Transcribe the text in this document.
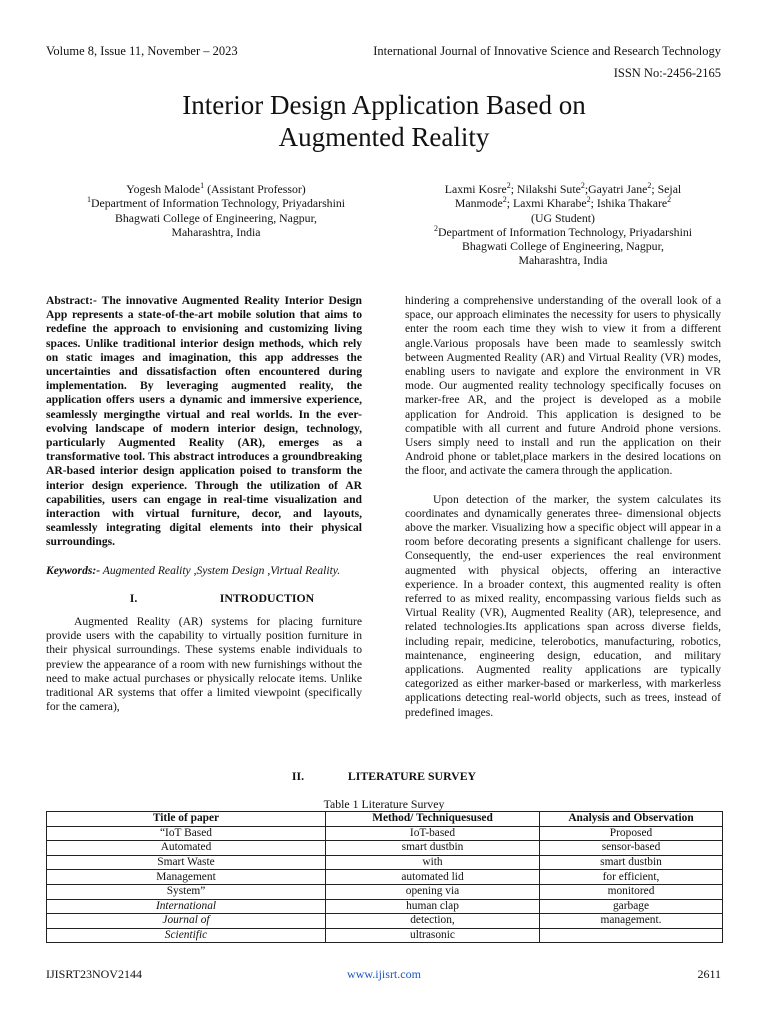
Volume 8, Issue 11, November – 2023	International Journal of Innovative Science and Research Technology
ISSN No:-2456-2165
Interior Design Application Based on
Augmented Reality
Yogesh Malode$^1$ (Assistant Professor)
$^1$Department of Information Technology, Priyadarshini
Bhagwati College of Engineering, Nagpur,
Maharashtra, India
Laxmi Kosre$^2$; Nilakshi Sute$^2$;Gayatri Jane$^2$; Sejal
Manmode$^2$; Laxmi Kharabe$^2$; Ishika Thakare$^2$
(UG Student)
$^2$Department of Information Technology, Priyadarshini
Bhagwati College of Engineering, Nagpur,
Maharashtra, India

Abstract:- The innovative Augmented Reality Interior Design App represents a state-of-the-art mobile solution that aims to redefine the approach to envisioning and customizing living spaces. Unlike traditional interior design methods, which rely on static images and imagination, this app addresses the uncertainties and dissatisfaction often encountered during implementation. By leveraging augmented reality, the application offers users a dynamic and immersive experience, seamlessly mergingthe virtual and real worlds. In the ever-evolving landscape of modern interior design, technology, particularly Augmented Reality (AR), emerges as a transformative tool. This abstract introduces a groundbreaking AR-based interior design application poised to transform the interior design experience. Through the utilization of AR capabilities, users can engage in real-time visualization and interaction with virtual furniture, decor, and layouts, seamlessly integrating digital elements into their physical surroundings.

Keywords:- Augmented Reality ,System Design ,Virtual Reality.

I.	INTRODUCTION

Augmented Reality (AR) systems for placing furniture provide users with the capability to virtually position furniture in their physical surroundings. These systems enable individuals to preview the appearance of a room with new furnishings without the need to make actual purchases or physically relocate items. Unlike traditional AR systems that offer a limited viewpoint (specifically for the camera),

hindering a comprehensive understanding of the overall look of a space, our approach eliminates the necessity for users to physically enter the room each time they wish to view it from a different angle.Various proposals have been made to seamlessly switch between Augmented Reality (AR) and Virtual Reality (VR) modes, enabling users to navigate and explore the environment in VR mode. Our augmented reality technology specifically focuses on marker-free AR, and the project is developed as a mobile application for Android. This application is designed to be compatible with all current and future Android phone versions. Users simply need to install and run the application on their Android phone or tablet,place markers in the desired locations on the floor, and activate the camera through the application.

Upon detection of the marker, the system calculates its coordinates and dynamically generates three- dimensional objects above the marker. Visualizing how a specific object will appear in a room before decorating presents a significant challenge for users. Consequently, the end-user experiences the real environment augmented with physical objects, offering an interactive experience. In a broader context, this augmented reality is often referred to as mixed reality, encompassing various fields such as Virtual Reality (VR), Augmented Reality (AR), telepresence, and related technologies.Its applications span across diverse fields, including repair, medicine, telerobotics, manufacturing, robotics, maintenance, engineering design, education, and military applications. Augmented reality applications are typically categorized as either marker-based or markerless, with markerless applications detecting real-world objects, such as trees, instead of predefined images.

II.	LITERATURE SURVEY
Table 1 Literature Survey
Title of paper	Method/ Techniquesused	Analysis and Observation
“IoT Based	IoT-based	Proposed
Automated	smart dustbin	sensor-based
Smart Waste	with	smart dustbin
Management	automated lid	for efficient,
System”	opening via	monitored
International	human clap	garbage
Journal of	detection,	management.
Scientific	ultrasonic	
IJISRT23NOV2144	www.ijisrt.com	2611
